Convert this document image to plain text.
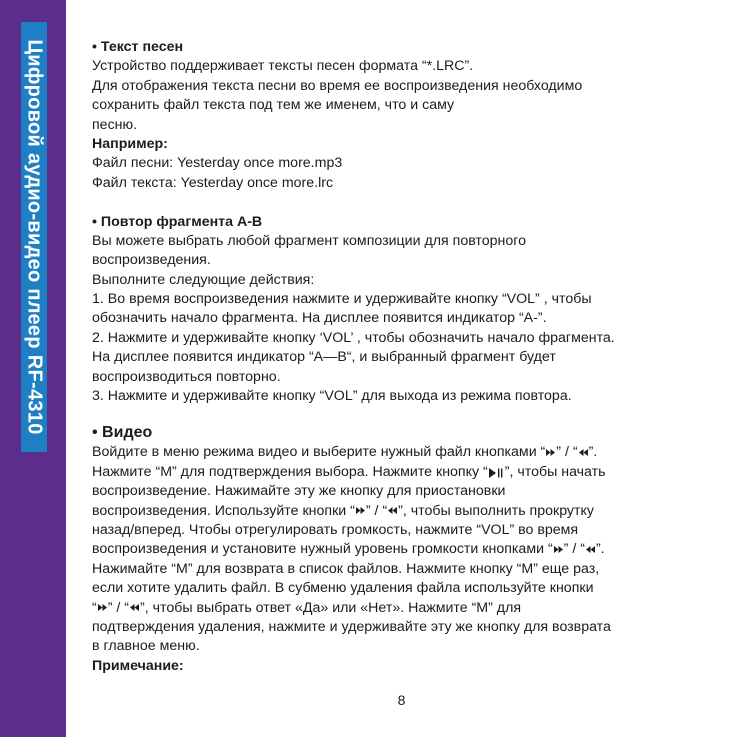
Цифровой аудио-видео плеер RF-4310	• Текст песен
Устройство поддерживает тексты песен формата “*.LRC”.
Для отображения текста песни во время ее воспроизведения необходимо
сохранить файл текста под тем же именем, что и саму
песню.
Например:
Файл песни: Yesterday once more.mp3
Файл текста: Yesterday once more.lrc
• Повтор фрагмента А-В
Вы можете выбрать любой фрагмент композиции для повторного
воспроизведения.
Выполните следующие действия:
1. Во время воспроизведения нажмите и удерживайте кнопку “VOL” , чтобы
обозначить начало фрагмента. На дисплее появится индикатор “A-”.
2. Нажмите и удерживайте кнопку ‘VOL’ , чтобы обозначить начало фрагмента.
На дисплее появится индикатор “A—B“, и выбранный фрагмент будет
воспроизводиться повторно.
3. Нажмите и удерживайте кнопку “VOL” для выхода из режима повтора.
• Видео
Войдите в меню режима видео и выберите нужный файл кнопками “ ” / “ ”.
Нажмите “M” для подтверждения выбора. Нажмите кнопку “ ”, чтобы начать
воспроизведение. Нажимайте эту же кнопку для приостановки
воспроизведения. Используйте кнопки “ ” / “ ”, чтобы выполнить прокрутку
назад/вперед. Чтобы отрегулировать громкость, нажмите “VOL” во время
воспроизведения и установите нужный уровень громкости кнопками “ ” / “ ”.
Нажимайте “M” для возврата в список файлов. Нажмите кнопку “M” еще раз,
если хотите удалить файл. В субменю удаления файла используйте кнопки
“ ” / “ ”, чтобы выбрать ответ «Да» или «Нет». Нажмите “M” для
подтверждения удаления, нажмите и удерживайте эту же кнопку для возврата
в главное меню.
Примечание:
8
